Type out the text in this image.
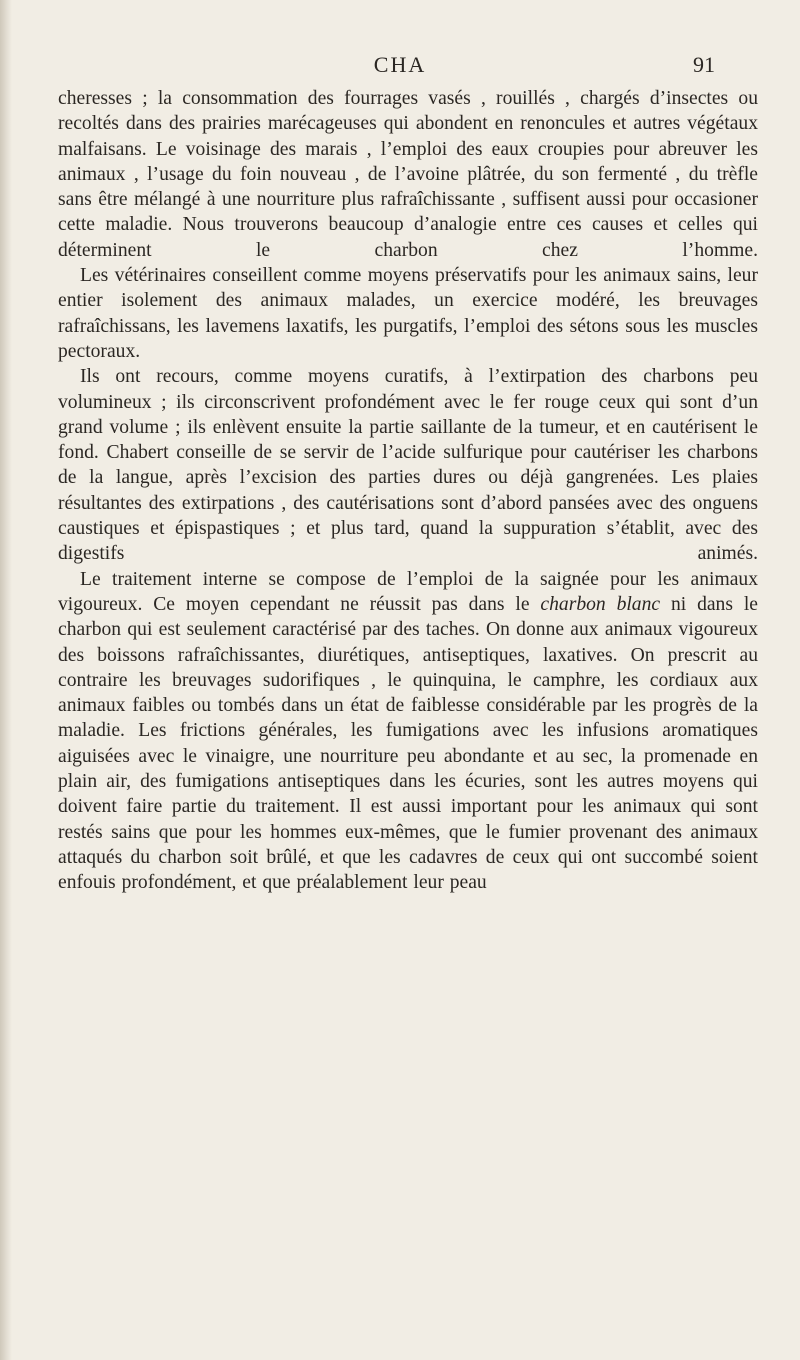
CHA	91

cheresses ; la consommation des fourrages vasés , rouillés , chargés d’insectes ou recoltés dans des prairies marécageuses qui abondent en renoncules et autres végétaux malfaisans. Le voisinage des marais , l’emploi des eaux croupies pour abreuver les animaux , l’usage du foin nouveau , de l’avoine plâtrée, du son fermenté , du trèfle sans être mélangé à une nourriture plus rafraîchissante , suffisent aussi pour occasioner cette maladie. Nous trouverons beaucoup d’analogie entre ces causes et celles qui déterminent le charbon chez l’homme.

Les vétérinaires conseillent comme moyens préservatifs pour les animaux sains, leur entier isolement des animaux malades, un exercice modéré, les breuvages rafraîchissans, les lavemens laxatifs, les purgatifs, l’emploi des sétons sous les muscles pectoraux.

Ils ont recours, comme moyens curatifs, à l’extirpation des charbons peu volumineux ; ils circonscrivent profondément avec le fer rouge ceux qui sont d’un grand volume ; ils enlèvent ensuite la partie saillante de la tumeur, et en cautérisent le fond. Chabert conseille de se servir de l’acide sulfurique pour cautériser les charbons de la langue, après l’excision des parties dures ou déjà gangrenées. Les plaies résultantes des extirpations , des cautérisations sont d’abord pansées avec des onguens caustiques et épispastiques ; et plus tard, quand la suppuration s’établit, avec des digestifs animés.

Le traitement interne se compose de l’emploi de la saignée pour les animaux vigoureux. Ce moyen cependant ne réussit pas dans le charbon blanc ni dans le charbon qui est seulement caractérisé par des taches. On donne aux animaux vigoureux des boissons rafraîchissantes, diurétiques, antiseptiques, laxatives. On prescrit au contraire les breuvages sudorifiques , le quinquina, le camphre, les cordiaux aux animaux faibles ou tombés dans un état de faiblesse considérable par les progrès de la maladie. Les frictions générales, les fumigations avec les infusions aromatiques aiguisées avec le vinaigre, une nourriture peu abondante et au sec, la promenade en plain air, des fumigations antiseptiques dans les écuries, sont les autres moyens qui doivent faire partie du traitement. Il est aussi important pour les animaux qui sont restés sains que pour les hommes eux-mêmes, que le fumier provenant des animaux attaqués du charbon soit brûlé, et que les cadavres de ceux qui ont succombé soient enfouis profondément, et que préalablement leur peau
